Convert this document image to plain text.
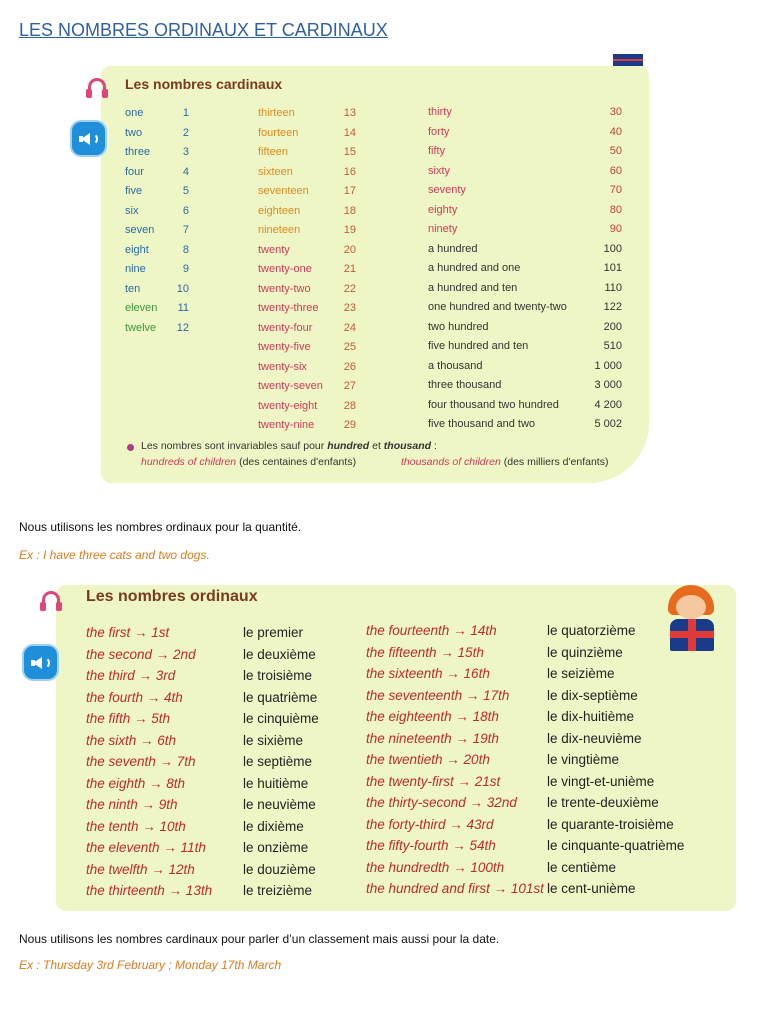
LES NOMBRES ORDINAUX ET CARDINAUX
Les nombres cardinaux
one	1
two	2
three	3
four	4
five	5
six	6
seven	7
eight	8
nine	9
ten	10
eleven	11
twelve	12
thirteen	13
fourteen	14
fifteen	15
sixteen	16
seventeen	17
eighteen	18
nineteen	19
twenty	20
twenty-one	21
twenty-two	22
twenty-three	23
twenty-four	24
twenty-five	25
twenty-six	26
twenty-seven	27
twenty-eight	28
twenty-nine	29
thirty	30
forty	40
fifty	50
sixty	60
seventy	70
eighty	80
ninety	90
a hundred	100
a hundred and one	101
a hundred and ten	110
one hundred and twenty-two	122
two hundred	200
five hundred and ten	510
a thousand	1 000
three thousand	3 000
four thousand two hundred	4 200
five thousand and two	5 002
Les nombres sont invariables sauf pour hundred et thousand :
hundreds of children (des centaines d'enfants)	thousands of children (des milliers d'enfants)

Nous utilisons les nombres ordinaux pour la quantité.

Ex : I have three cats and two dogs.

Les nombres ordinaux
the first → 1st	le premier
the second → 2nd	le deuxième
the third → 3rd	le troisième
the fourth → 4th	le quatrième
the fifth → 5th	le cinquième
the sixth → 6th	le sixième
the seventh → 7th	le septième
the eighth → 8th	le huitième
the ninth → 9th	le neuvième
the tenth → 10th	le dixième
the eleventh → 11th	le onzième
the twelfth → 12th	le douzième
the thirteenth → 13th le treizième
the fourteenth → 14th	le quatorzième
the fifteenth → 15th	le quinzième
the sixteenth → 16th	le seizième
the seventeenth → 17th	le dix-septième
the eighteenth → 18th	le dix-huitième
the nineteenth → 19th	le dix-neuvième
the twentieth → 20th	le vingtième
the twenty-first → 21st	le vingt-et-unième
the thirty-second → 32nd le trente-deuxième
the forty-third → 43rd	le quarante-troisième
the fifty-fourth → 54th	le cinquante-quatrième
the hundredth → 100th	le centième
the hundred and first → 101st le cent-unième

Nous utilisons les nombres cardinaux pour parler d’un classement mais aussi pour la date.

Ex : Thursday 3rd February ; Monday 17th March
